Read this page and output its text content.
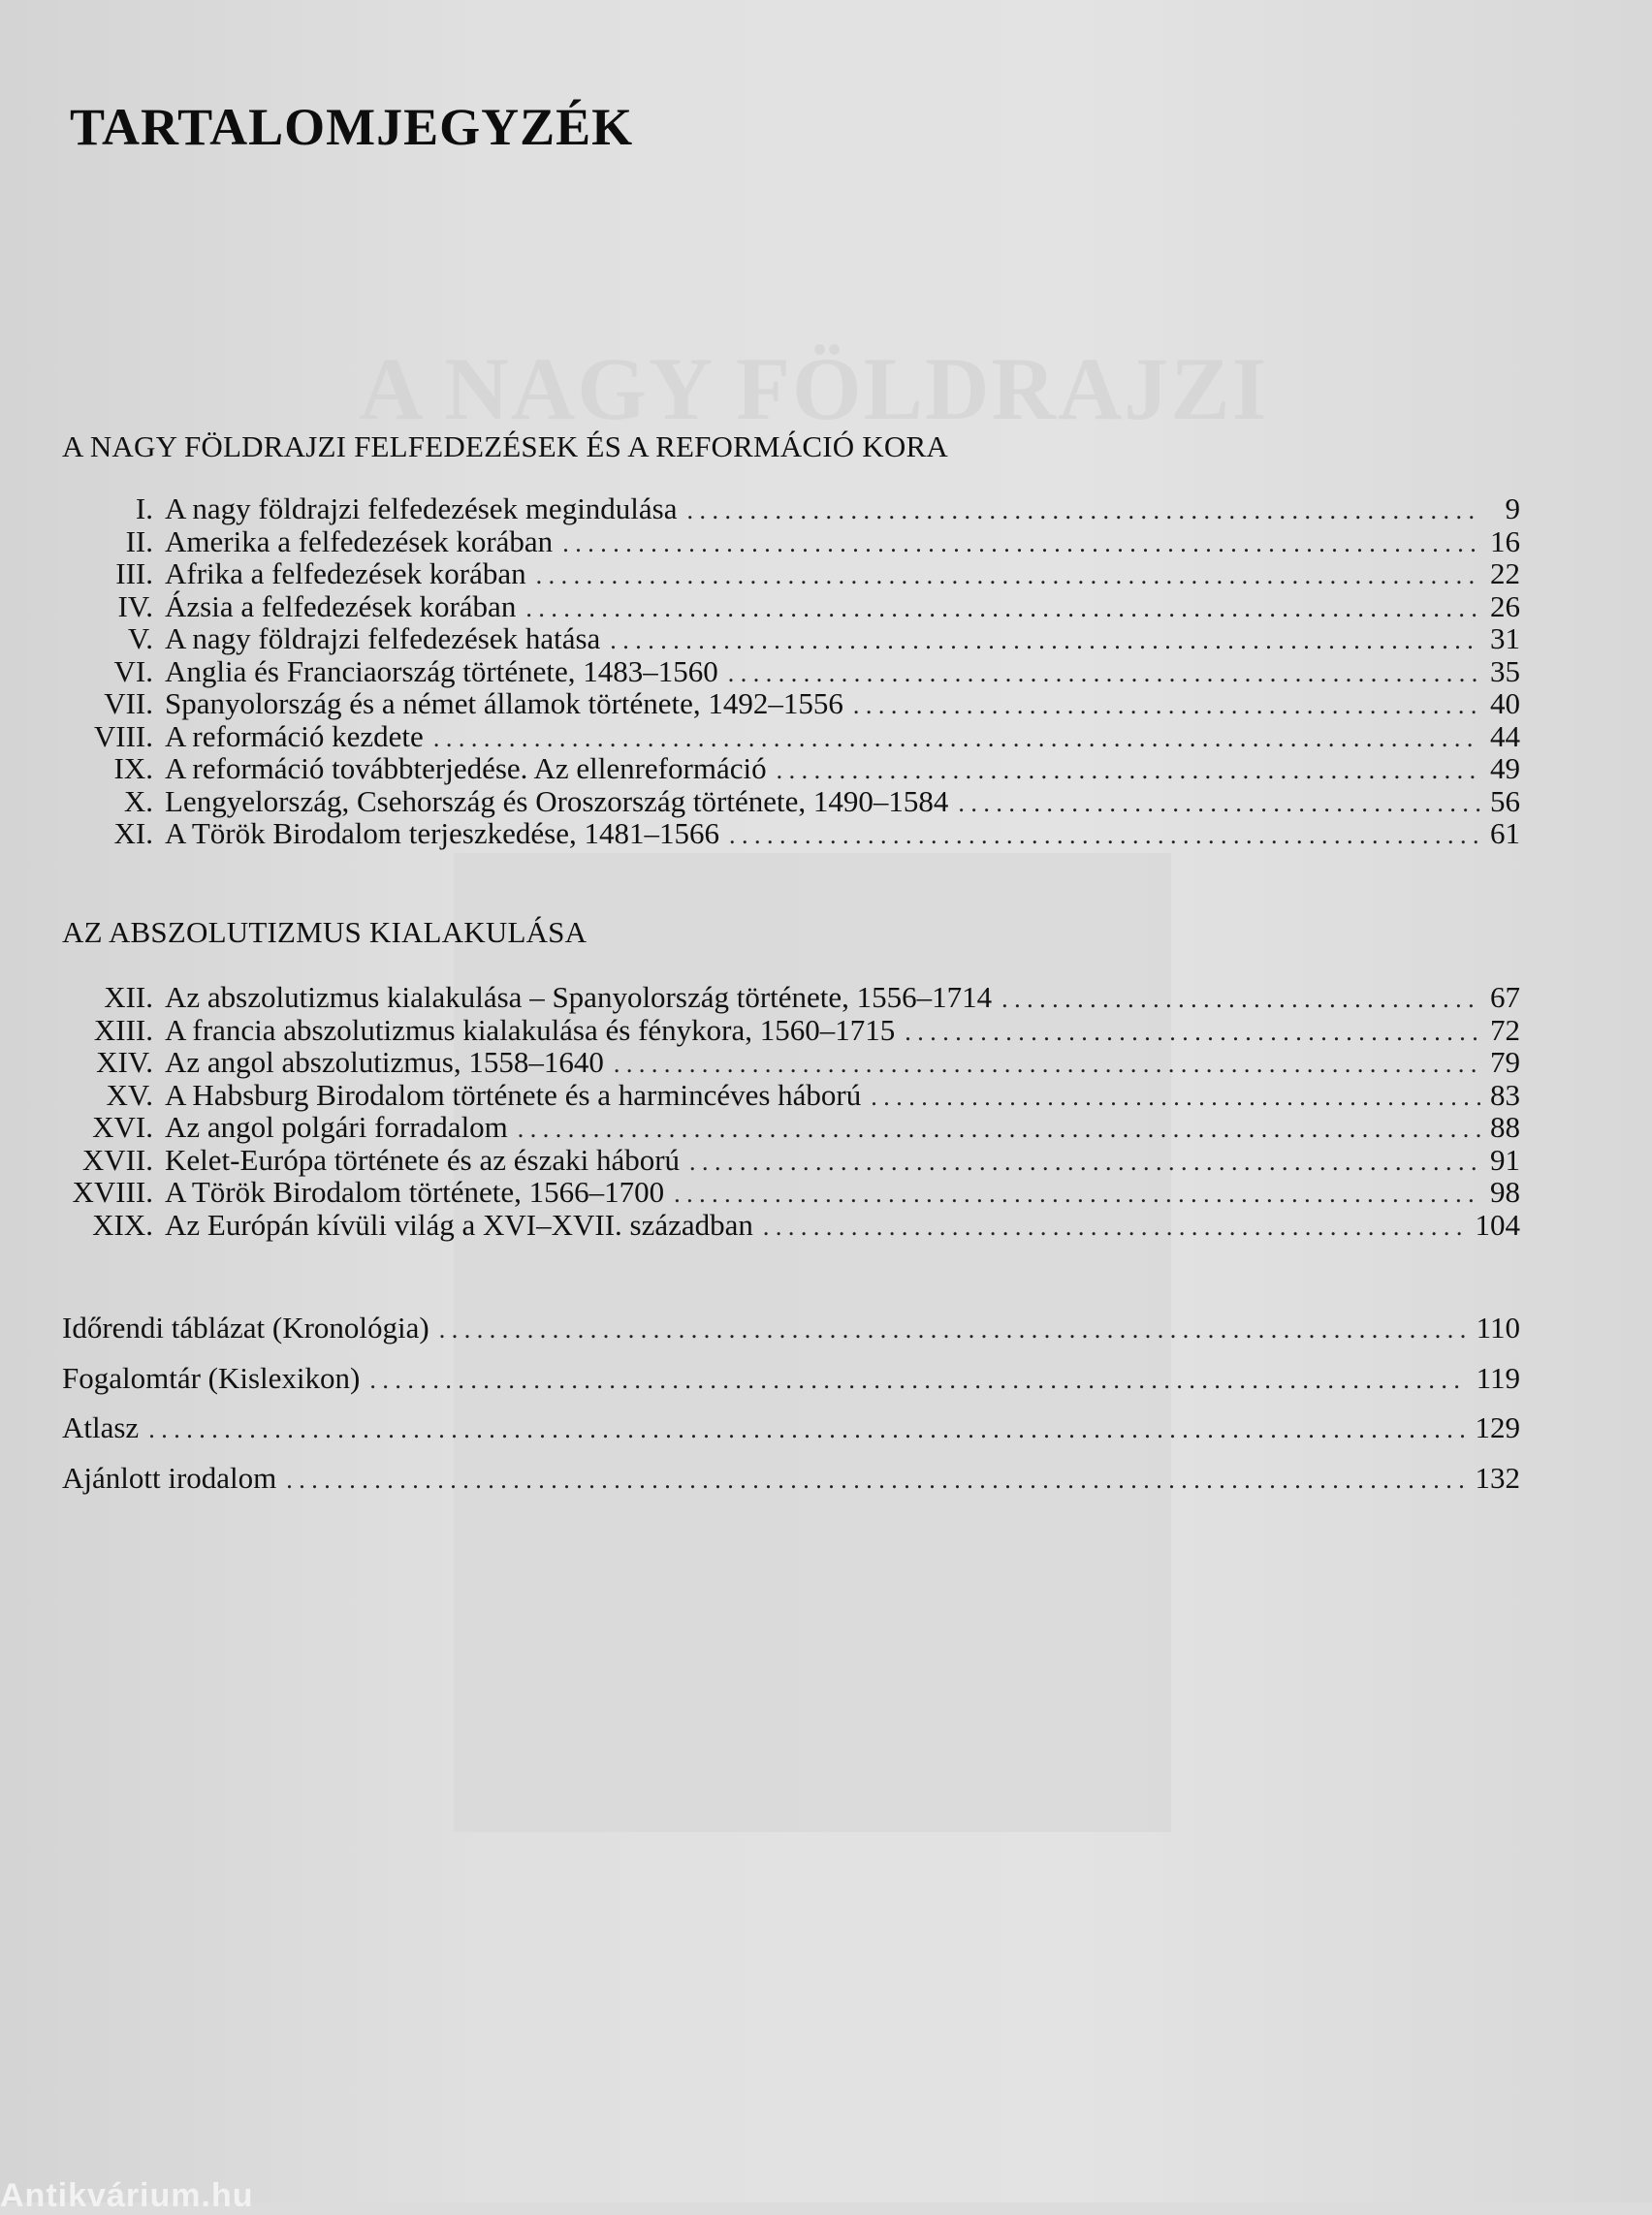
A NAGY FÖLDRAJZI
TARTALOMJEGYZÉK
A NAGY FÖLDRAJZI FELFEDEZÉSEK ÉS A REFORMÁCIÓ KORA
I. A nagy földrajzi felfedezések megindulása . . .	9
II. Amerika a felfedezések korában . . .	16
III. Afrika a felfedezések korában . . .	22
IV. Ázsia a felfedezések korában . . .	26
V. A nagy földrajzi felfedezések hatása . . .	31
VI. Anglia és Franciaország története, 1483–1560 . . .	35
VII. Spanyolország és a német államok története, 1492–1556 . . .	40
VIII. A reformáció kezdete . . .	44
IX. A reformáció továbbterjedése. Az ellenreformáció . . .	49
X. Lengyelország, Csehország és Oroszország története, 1490–1584 . . .	56
XI. A Török Birodalom terjeszkedése, 1481–1566 . . .	61
AZ ABSZOLUTIZMUS KIALAKULÁSA
XII. Az abszolutizmus kialakulása – Spanyolország története, 1556–1714 . . .	67
XIII. A francia abszolutizmus kialakulása és fénykora, 1560–1715 . . .	72
XIV. Az angol abszolutizmus, 1558–1640 . . .	79
XV. A Habsburg Birodalom története és a harmincéves háború . . .	83
XVI. Az angol polgári forradalom . . .	88
XVII. Kelet-Európa története és az északi háború . . .	91
XVIII. A Török Birodalom története, 1566–1700 . . .	98
XIX. Az Európán kívüli világ a XVI–XVII. században . . .	104
Időrendi táblázat (Kronológia) . . .	110
Fogalomtár (Kislexikon) . . .	119
Atlasz . . .	129
Ajánlott irodalom . . .	132
Antikvárium.hu
